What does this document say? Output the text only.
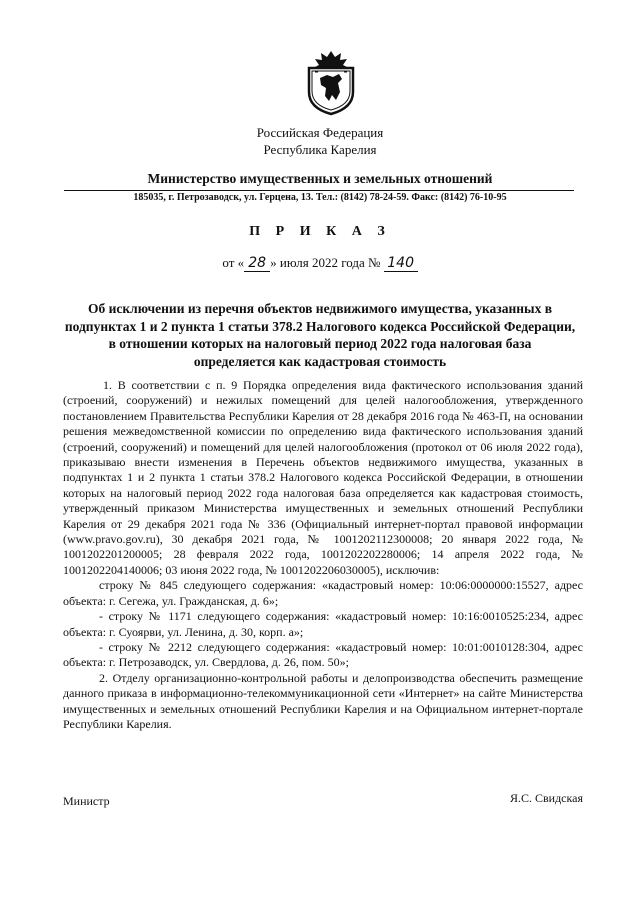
Российская Федерация
Республика Карелия
Министерство имущественных и земельных отношений
185035, г. Петрозаводск, ул. Герцена, 13. Тел.: (8142) 78-24-59. Факс: (8142) 76-10-95
П Р И К А З
от « 28 » июля 2022 года № 140
Об исключении из перечня объектов недвижимого имущества, указанных в
подпунктах 1 и 2 пункта 1 статьи 378.2 Налогового кодекса Российской Федерации,
в отношении которых на налоговый период 2022 года налоговая база
определяется как кадастровая стоимость

1. В соответствии с п. 9 Порядка определения вида фактического использования зданий (строений, сооружений) и нежилых помещений для целей налогообложения, утвержденного постановлением Правительства Республики Карелия от 28 декабря 2016 года № 463-П, на основании решения межведомственной комиссии по определению вида фактического использования зданий (строений, сооружений) и помещений для целей налогообложения (протокол от 06 июля 2022 года), приказываю внести изменения в Перечень объектов недвижимого имущества, указанных в подпунктах 1 и 2 пункта 1 статьи 378.2 Налогового кодекса Российской Федерации, в отношении которых на налоговый период 2022 года налоговая база определяется как кадастровая стоимость, утвержденный приказом Министерства имущественных и земельных отношений Республики Карелия от 29 декабря 2021 года № 336 (Официальный интернет-портал правовой информации (www.pravo.gov.ru), 30 декабря 2021 года, № 1001202112300008; 20 января 2022 года, № 1001202201200005; 28 февраля 2022 года, 1001202202280006; 14 апреля 2022 года, № 1001202204140006; 03 июня 2022 года, № 1001202206030005), исключив:

строку № 845 следующего содержания: «кадастровый номер: 10:06:0000000:15527, адрес объекта: г. Сегежа, ул. Гражданская, д. 6»;

- строку № 1171 следующего содержания: «кадастровый номер: 10:16:0010525:234, адрес объекта: г. Суоярви, ул. Ленина, д. 30, корп. а»;

- строку № 2212 следующего содержания: «кадастровый номер: 10:01:0010128:304, адрес объекта: г. Петрозаводск, ул. Свердлова, д. 26, пом. 50»;

2. Отделу организационно-контрольной работы и делопроизводства обеспечить размещение данного приказа в информационно-телекоммуникационной сети «Интернет» на сайте Министерства имущественных и земельных отношений Республики Карелия и на Официальном интернет-портале Республики Карелия.

Министр	Я.С. Свидская
